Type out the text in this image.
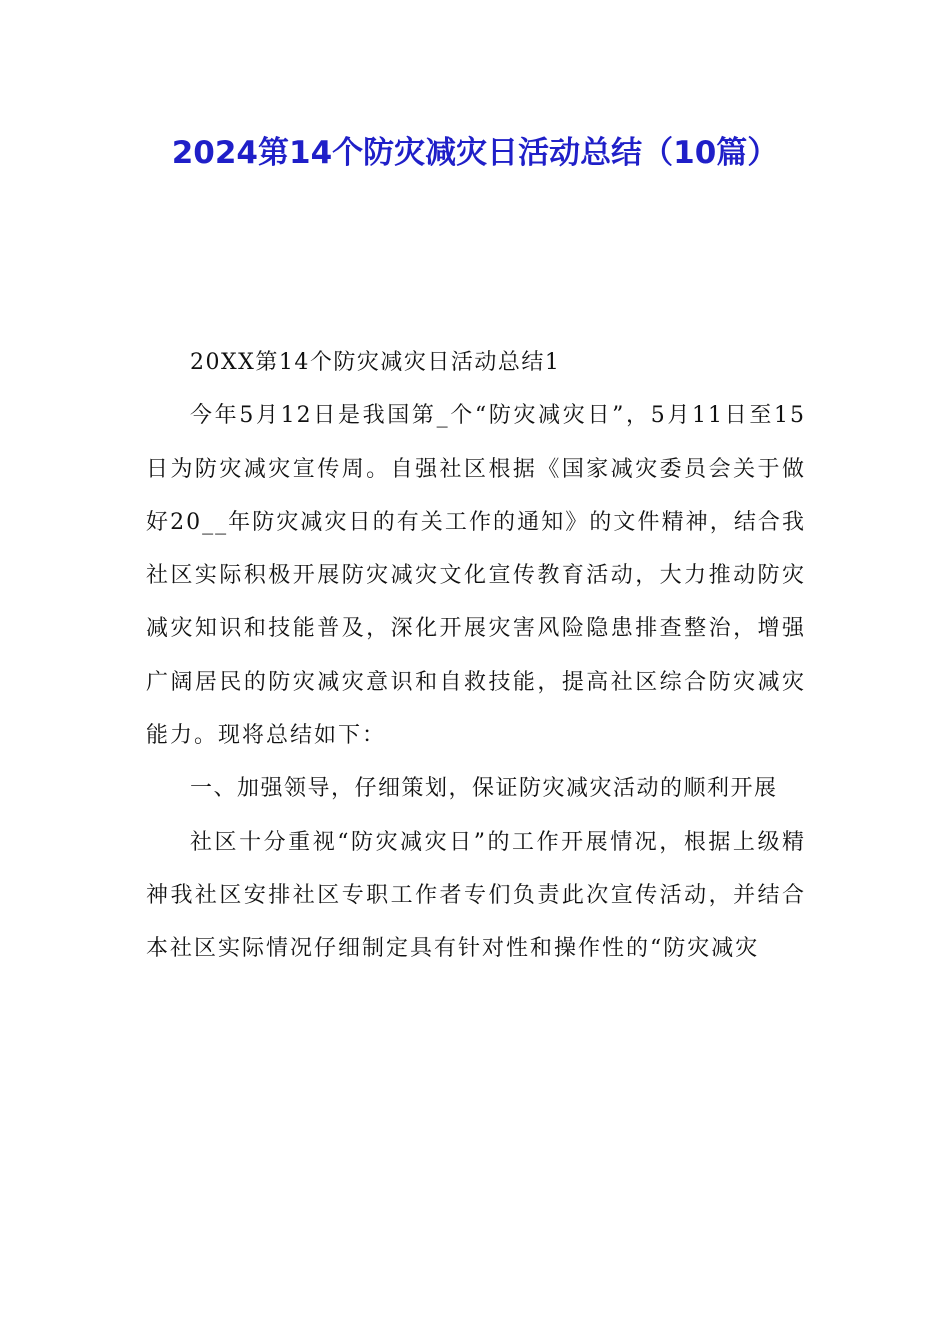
2024第14个防灾减灾日活动总结（10篇）

20XX第14个防灾减灾日活动总结1

今年5月12日是我国第_个“防灾减灾日”，5月11日至15日为防灾减灾宣传周。自强社区根据《国家减灾委员会关于做好20__年防灾减灾日的有关工作的通知》的文件精神，结合我社区实际积极开展防灾减灾文化宣传教育活动，大力推动防灾减灾知识和技能普及，深化开展灾害风险隐患排查整治，增强广阔居民的防灾减灾意识和自救技能，提高社区综合防灾减灾能力。现将总结如下：

一、加强领导，仔细策划，保证防灾减灾活动的顺利开展

社区十分重视“防灾减灾日”的工作开展情况，根据上级精神我社区安排社区专职工作者专们负责此次宣传活动，并结合本社区实际情况仔细制定具有针对性和操作性的“防灾减灾
